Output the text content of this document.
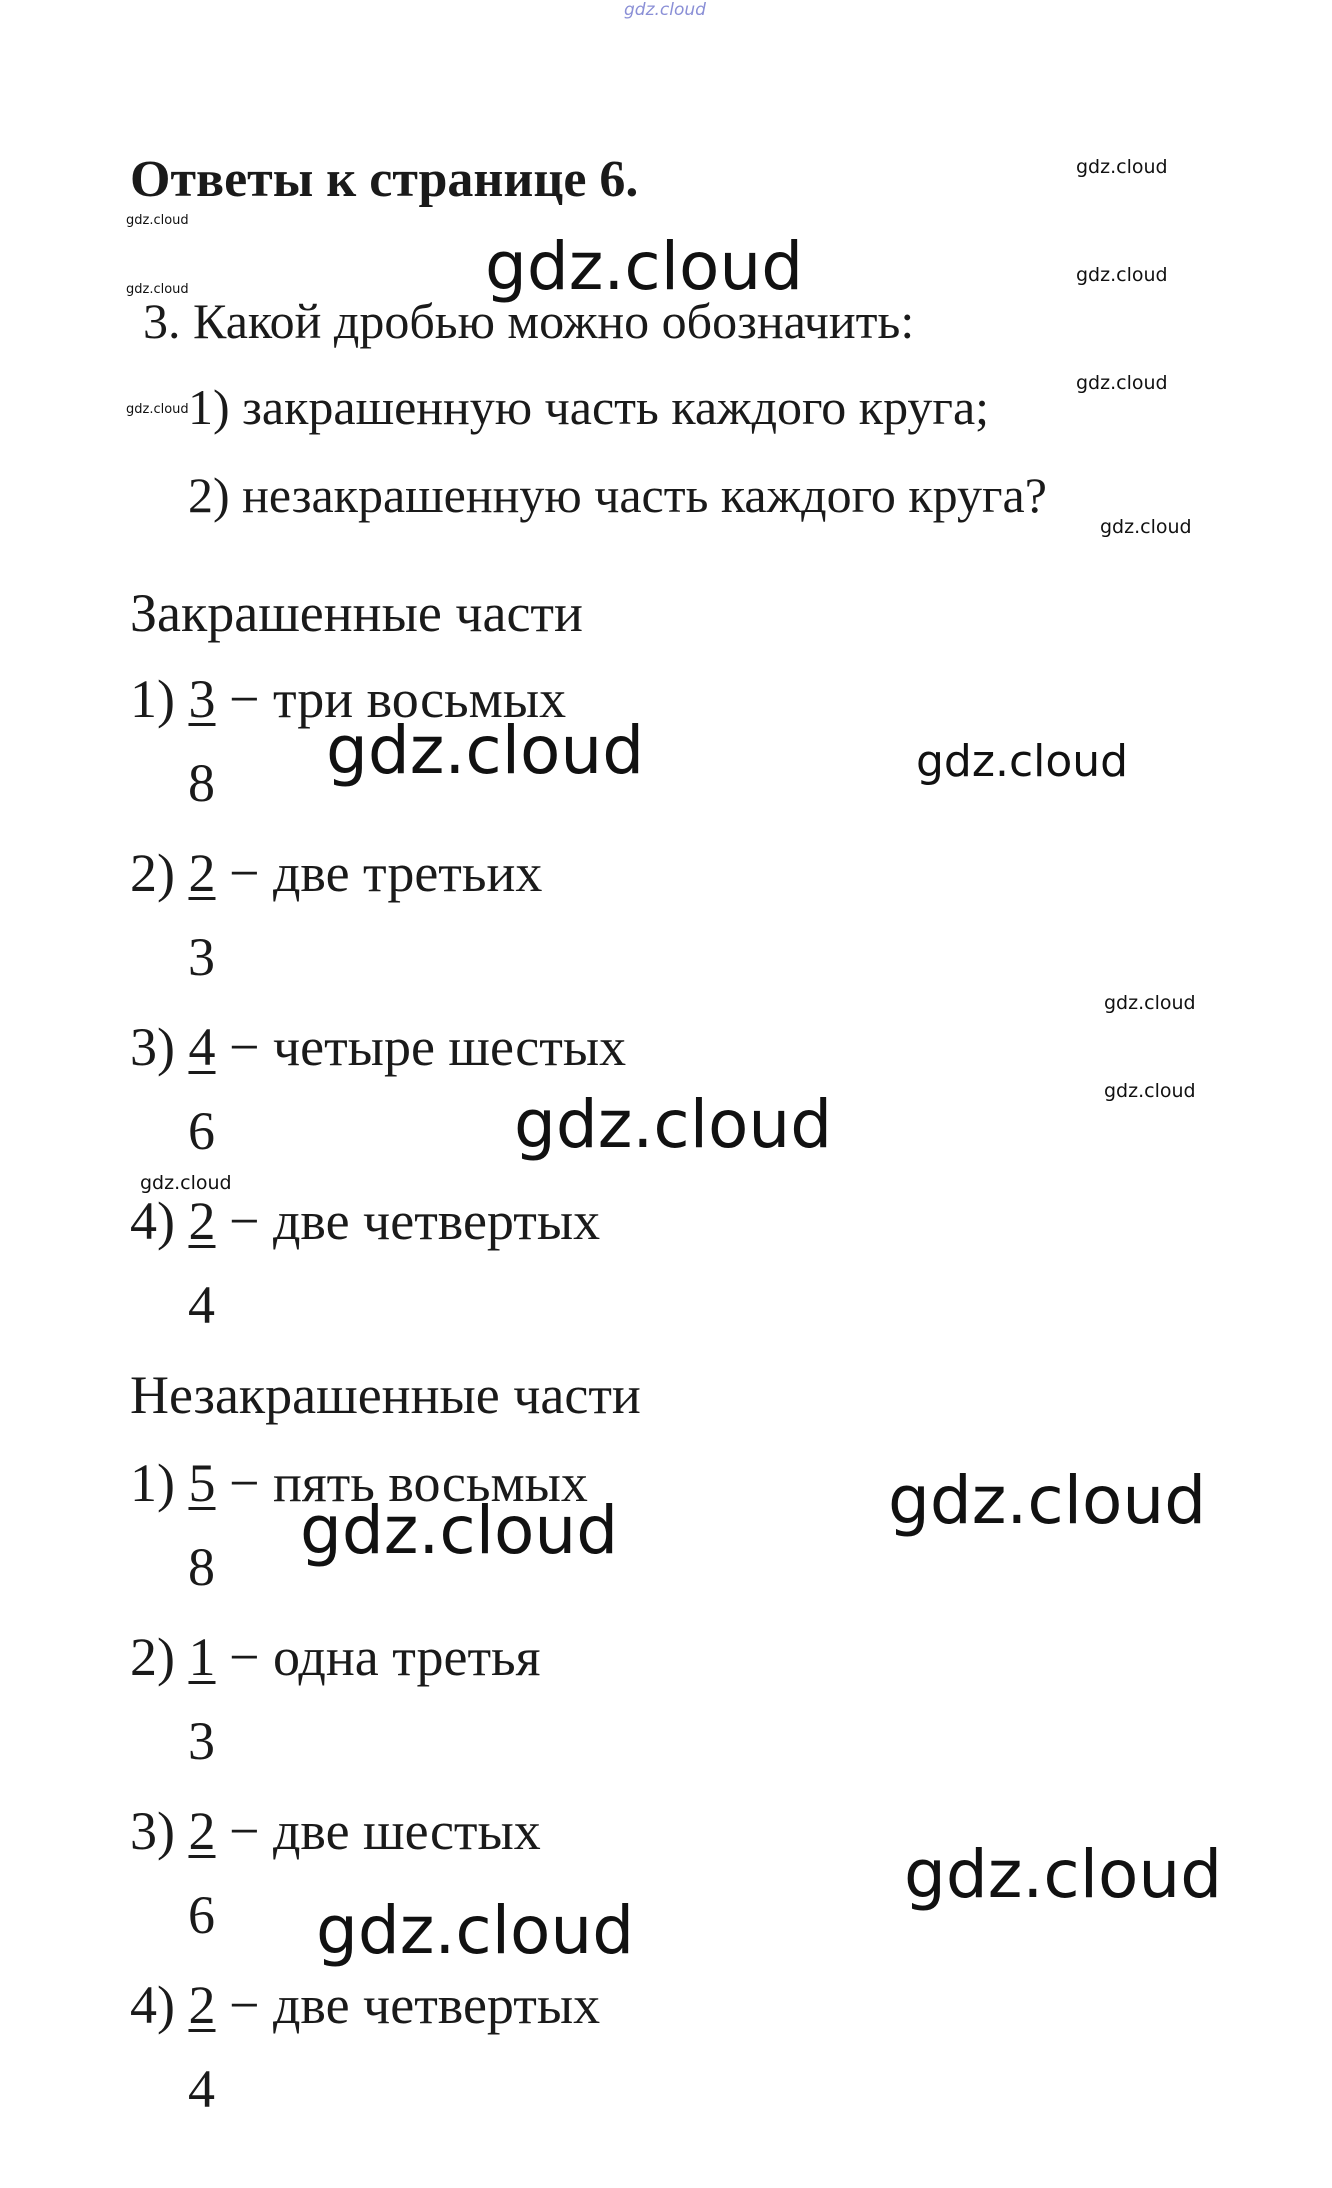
gdz.cloud
Ответы к странице 6.
3. Какой дробью можно обозначить:
1) закрашенную часть каждого круга;
2) незакрашенную часть каждого круга?
Закрашенные части
1) 3 − три восьмых
8
2) 2 − две третьих
3
3) 4 − четыре шестых
6
4) 2 − две четвертых
4
Незакрашенные части
1) 5 − пять восьмых
8
2) 1 − одна третья
3
3) 2 − две шестых
6
4) 2 − две четвертых
4
gdz.cloud
gdz.cloud
gdz.cloud	gdz.cloud
gdz.cloud
gdz.cloud
gdz.cloud
gdz.cloud
gdz.cloud	gdz.cloud
gdz.cloud
gdz.cloud
gdz.cloud
gdz.cloud
gdz.cloud
gdz.cloud
gdz.cloud
gdz.cloud
